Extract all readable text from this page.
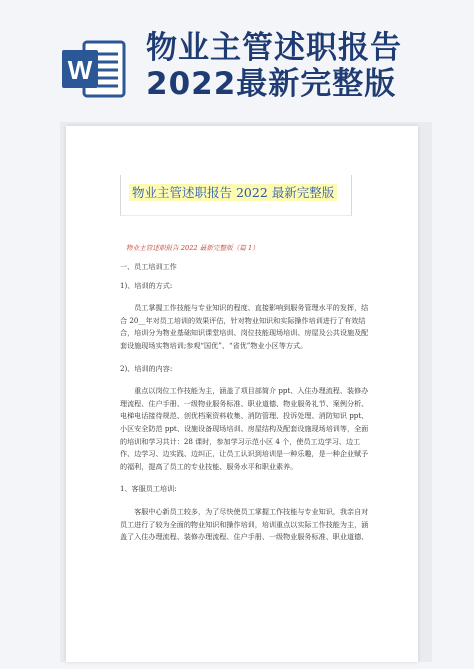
W
物业主管述职报告
2022最新完整版
物业主管述职报告 2022 最新完整版
物业主管述职报告 2022 最新完整版（篇 1）

一、员工培训工作

1)、培训的方式:

员工掌握工作技能与专业知识的程度、直接影响到服务管理水平的发挥，结合 20__年对员工培训的效果评估，针对物业知识和实际操作培训进行了有效结合，培训分为物业基础知识课堂培训、岗位技能现场培训、房屋及公共设施及配套设施现场实物培训;参观“国优”、“省优”物业小区等方式。

2)、培训的内容:

重点以岗位工作技能为主，涵盖了项目部简介 ppt、入住办理流程、装修办理流程、住户手册、一级物业服务标准、职业道德、物业服务礼节、案例分析、电梯电话接待规范、创优档案资料收集、消防管理、投诉处理、消防知识 ppt、小区安全防范 ppt、设施设备现场培训、房屋结构及配套设施现场培训等，全面的培训和学习共计：28 课时，参加学习示范小区 4 个，使员工边学习、边工作、边学习、边实践、边纠正，让员工认识到培训是一种乐趣，是一种企业赋予的福利，提高了员工的专业技能、服务水平和职业素养。

1、客服员工培训:

客服中心新员工较多，为了尽快使员工掌握工作技能与专业知识，我亲自对员工进行了较为全面的物业知识和操作培训，培训重点以实际工作技能为主，涵盖了入住办理流程、装修办理流程、住户手册、一级物业服务标准、职业道德、
